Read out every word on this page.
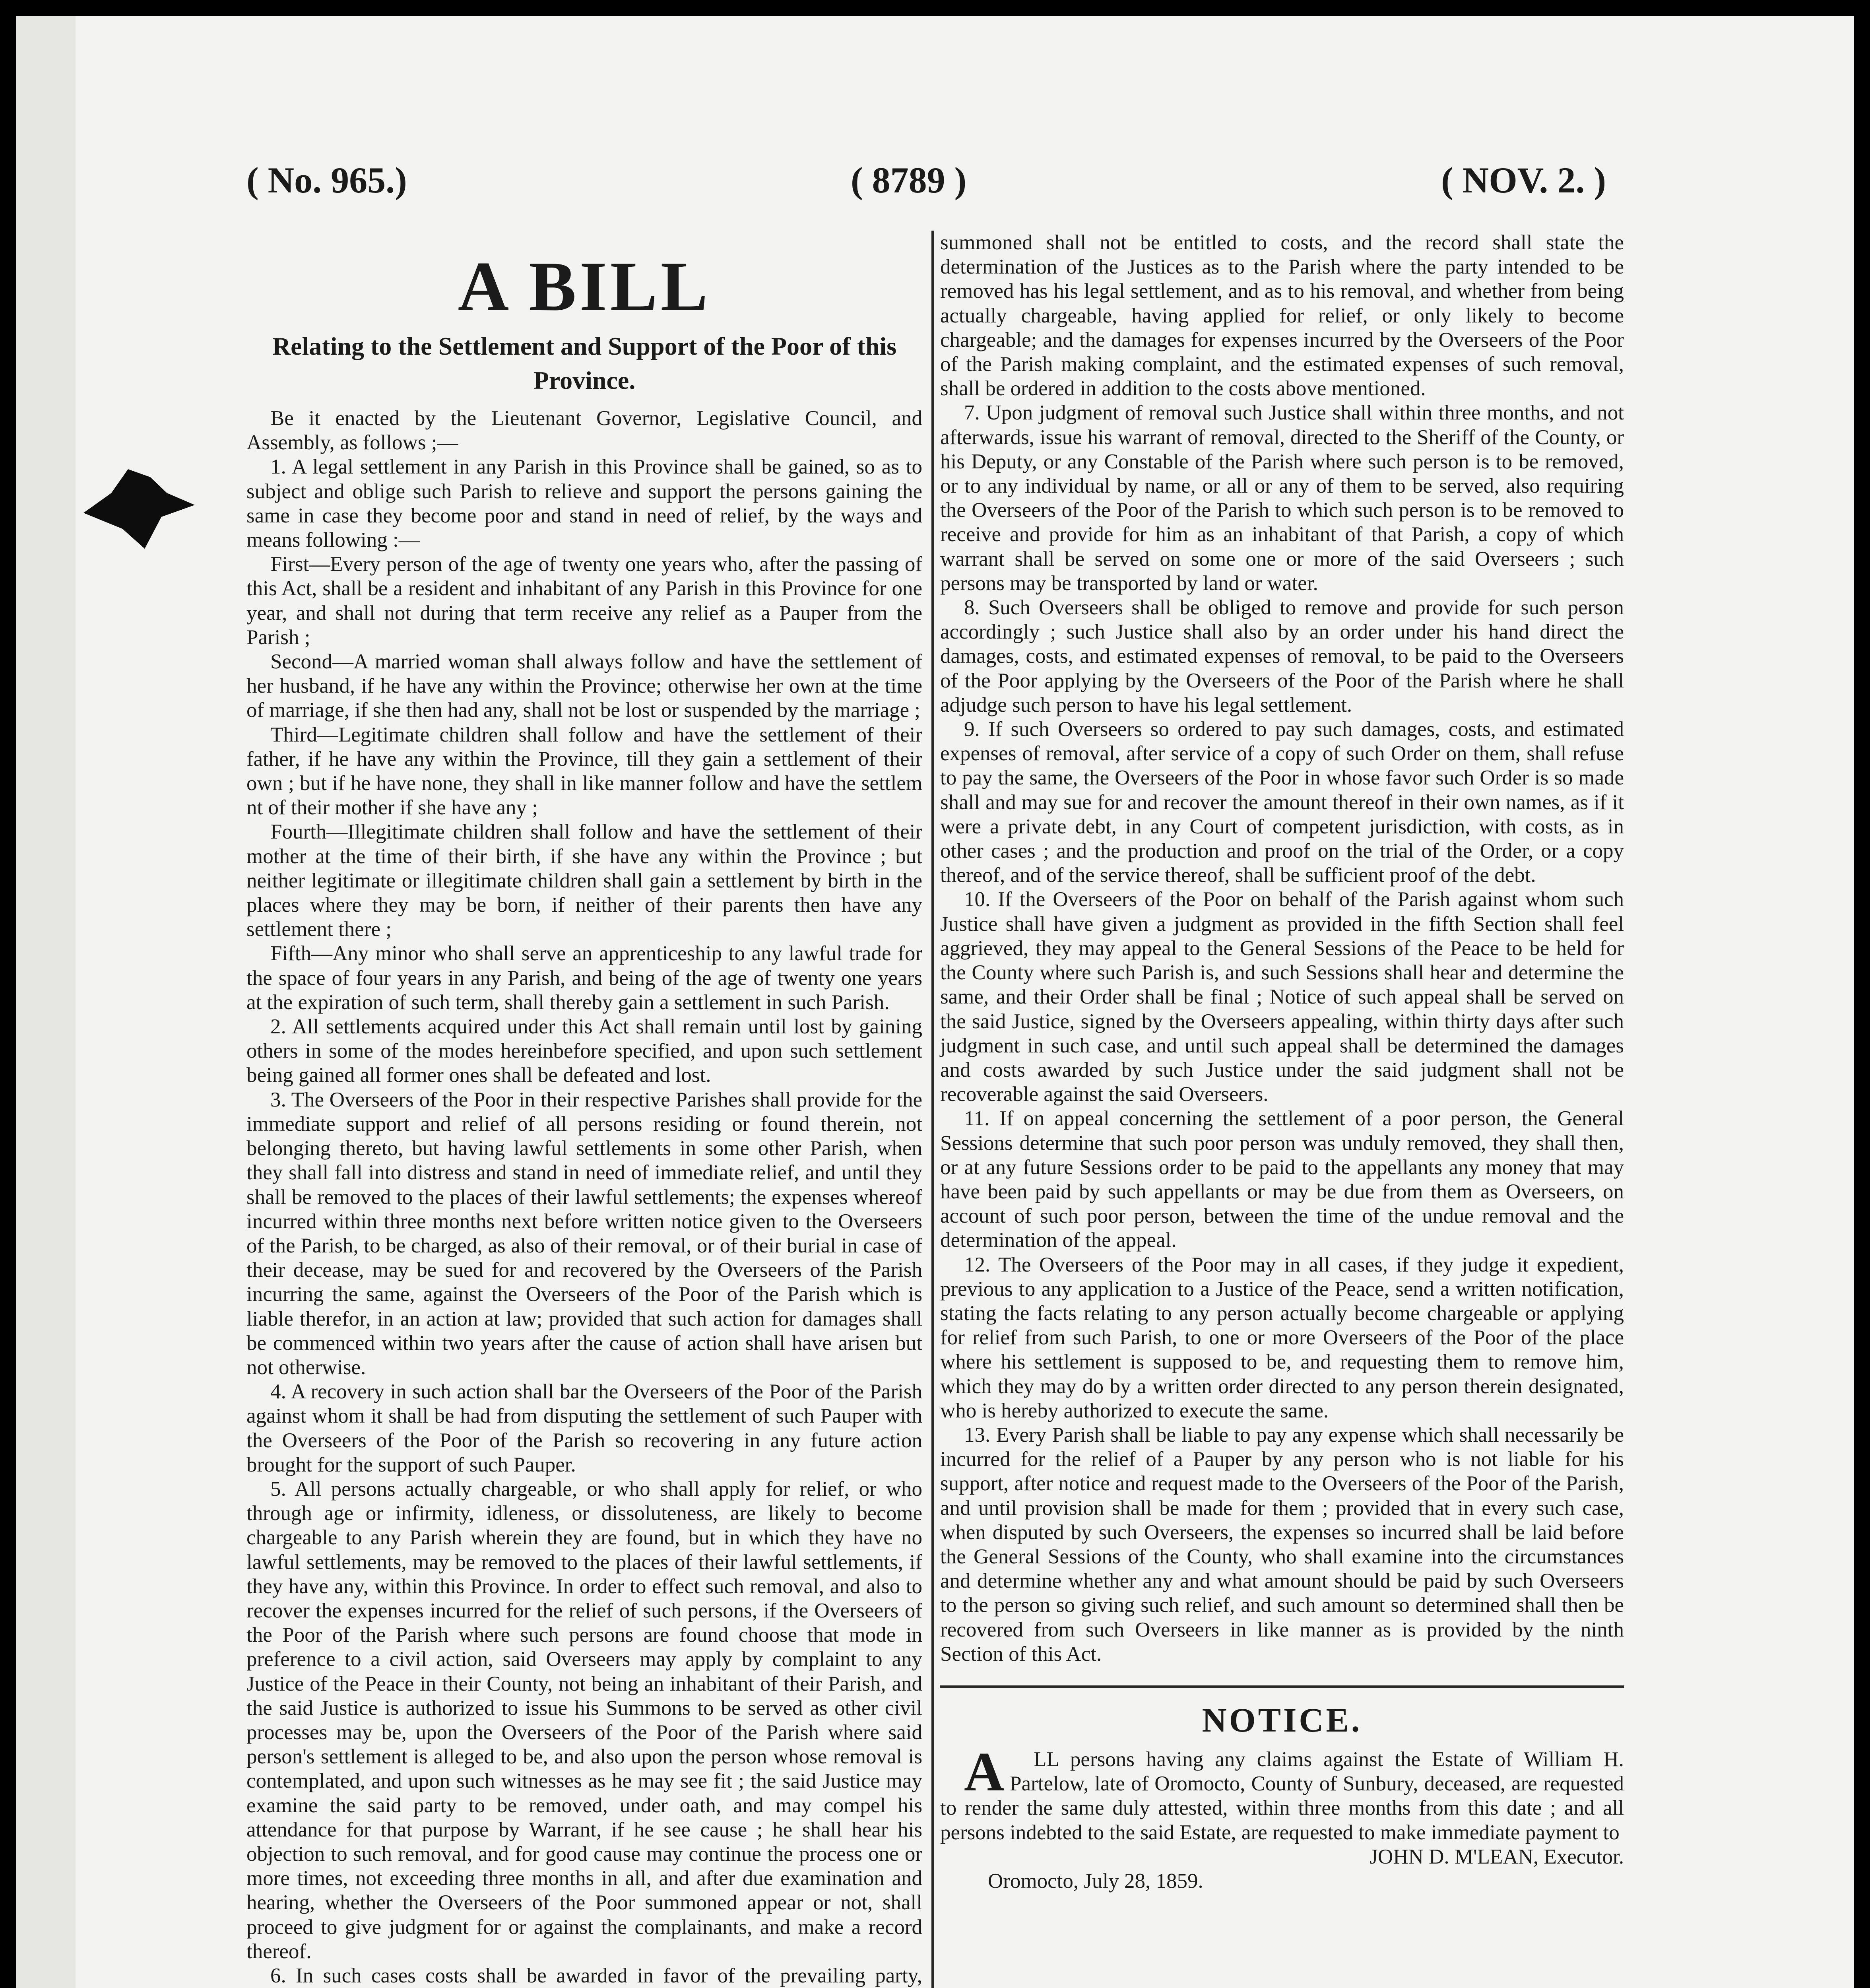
( No. 965.)	( 8789 )	( NOV. 2. )
A BILL
Relating to the Settlement and Support of the Poor of this Province.

Be it enacted by the Lieutenant Governor, Legislative Council, and Assembly, as follows ;—

1. A legal settlement in any Parish in this Province shall be gained, so as to subject and oblige such Parish to relieve and support the persons gaining the same in case they become poor and stand in need of relief, by the ways and means following :—

First—Every person of the age of twenty one years who, after the passing of this Act, shall be a resident and inhabitant of any Parish in this Province for one year, and shall not during that term receive any relief as a Pauper from the Parish ;

Second—A married woman shall always follow and have the settlement of her husband, if he have any within the Province; otherwise her own at the time of marriage, if she then had any, shall not be lost or suspended by the marriage ;

Third—Legitimate children shall follow and have the settlement of their father, if he have any within the Province, till they gain a settlement of their own ; but if he have none, they shall in like manner follow and have the settlem nt of their mother if she have any ;

Fourth—Illegitimate children shall follow and have the settlement of their mother at the time of their birth, if she have any within the Province ; but neither legitimate or illegitimate children shall gain a settlement by birth in the places where they may be born, if neither of their parents then have any settlement there ;

Fifth—Any minor who shall serve an apprenticeship to any lawful trade for the space of four years in any Parish, and being of the age of twenty one years at the expiration of such term, shall thereby gain a settlement in such Parish.

2. All settlements acquired under this Act shall remain until lost by gaining others in some of the modes hereinbefore specified, and upon such settlement being gained all former ones shall be defeated and lost.

3. The Overseers of the Poor in their respective Parishes shall provide for the immediate support and relief of all persons residing or found therein, not belonging thereto, but having lawful settlements in some other Parish, when they shall fall into distress and stand in need of immediate relief, and until they shall be removed to the places of their lawful settlements; the expenses whereof incurred within three months next before written notice given to the Overseers of the Parish, to be charged, as also of their removal, or of their burial in case of their decease, may be sued for and recovered by the Overseers of the Parish incurring the same, against the Overseers of the Poor of the Parish which is liable therefor, in an action at law; provided that such action for damages shall be commenced within two years after the cause of action shall have arisen but not otherwise.

4. A recovery in such action shall bar the Overseers of the Poor of the Parish against whom it shall be had from disputing the settlement of such Pauper with the Overseers of the Poor of the Parish so recovering in any future action brought for the support of such Pauper.

5. All persons actually chargeable, or who shall apply for relief, or who through age or infirmity, idleness, or dissoluteness, are likely to become chargeable to any Parish wherein they are found, but in which they have no lawful settlements, may be removed to the places of their lawful settlements, if they have any, within this Province. In order to effect such removal, and also to recover the expenses incurred for the relief of such persons, if the Overseers of the Poor of the Parish where such persons are found choose that mode in preference to a civil action, said Overseers may apply by complaint to any Justice of the Peace in their County, not being an inhabitant of their Parish, and the said Justice is authorized to issue his Summons to be served as other civil processes may be, upon the Overseers of the Poor of the Parish where said person's settlement is alleged to be, and also upon the person whose removal is contemplated, and upon such witnesses as he may see fit ; the said Justice may examine the said party to be removed, under oath, and may compel his attendance for that purpose by Warrant, if he see cause ; he shall hear his objection to such removal, and for good cause may continue the process one or more times, not exceeding three months in all, and after due examination and hearing, whether the Overseers of the Poor summoned appear or not, shall proceed to give judgment for or against the complainants, and make a record thereof.

6. In such cases costs shall be awarded in favor of the prevailing party,

summoned shall not be entitled to costs, and the record shall state the determination of the Justices as to the Parish where the party intended to be removed has his legal settlement, and as to his removal, and whether from being actually chargeable, having applied for relief, or only likely to become chargeable; and the damages for expenses incurred by the Overseers of the Poor of the Parish making complaint, and the estimated expenses of such removal, shall be ordered in addition to the costs above mentioned.

7. Upon judgment of removal such Justice shall within three months, and not afterwards, issue his warrant of removal, directed to the Sheriff of the County, or his Deputy, or any Constable of the Parish where such person is to be removed, or to any individual by name, or all or any of them to be served, also requiring the Overseers of the Poor of the Parish to which such person is to be removed to receive and provide for him as an inhabitant of that Parish, a copy of which warrant shall be served on some one or more of the said Overseers ; such persons may be transported by land or water.

8. Such Overseers shall be obliged to remove and provide for such person accordingly ; such Justice shall also by an order under his hand direct the damages, costs, and estimated expenses of removal, to be paid to the Overseers of the Poor applying by the Overseers of the Poor of the Parish where he shall adjudge such person to have his legal settlement.

9. If such Overseers so ordered to pay such damages, costs, and estimated expenses of removal, after service of a copy of such Order on them, shall refuse to pay the same, the Overseers of the Poor in whose favor such Order is so made shall and may sue for and recover the amount thereof in their own names, as if it were a private debt, in any Court of competent jurisdiction, with costs, as in other cases ; and the production and proof on the trial of the Order, or a copy thereof, and of the service thereof, shall be sufficient proof of the debt.

10. If the Overseers of the Poor on behalf of the Parish against whom such Justice shall have given a judgment as provided in the fifth Section shall feel aggrieved, they may appeal to the General Sessions of the Peace to be held for the County where such Parish is, and such Sessions shall hear and determine the same, and their Order shall be final ; Notice of such appeal shall be served on the said Justice, signed by the Overseers appealing, within thirty days after such judgment in such case, and until such appeal shall be determined the damages and costs awarded by such Justice under the said judgment shall not be recoverable against the said Overseers.

11. If on appeal concerning the settlement of a poor person, the General Sessions determine that such poor person was unduly removed, they shall then, or at any future Sessions order to be paid to the appellants any money that may have been paid by such appellants or may be due from them as Overseers, on account of such poor person, between the time of the undue removal and the determination of the appeal.

12. The Overseers of the Poor may in all cases, if they judge it expedient, previous to any application to a Justice of the Peace, send a written notification, stating the facts relating to any person actually become chargeable or applying for relief from such Parish, to one or more Overseers of the Poor of the place where his settlement is supposed to be, and requesting them to remove him, which they may do by a written order directed to any person therein designated, who is hereby authorized to execute the same.

13. Every Parish shall be liable to pay any expense which shall necessarily be incurred for the relief of a Pauper by any person who is not liable for his support, after notice and request made to the Overseers of the Poor of the Parish, and until provision shall be made for them ; provided that in every such case, when disputed by such Overseers, the expenses so incurred shall be laid before the General Sessions of the County, who shall examine into the circumstances and determine whether any and what amount should be paid by such Overseers to the person so giving such relief, and such amount so determined shall then be recovered from such Overseers in like manner as is provided by the ninth Section of this Act.

NOTICE.

A LL persons having any claims against the Estate of William H. Partelow, late of Oromocto, County of Sunbury, deceased, are requested to render the same duly attested, within three months from this date ; and all persons indebted to the said Estate, are requested to make immediate payment to

JOHN D. M'LEAN, Executor.

Oromocto, July 28, 1859.
